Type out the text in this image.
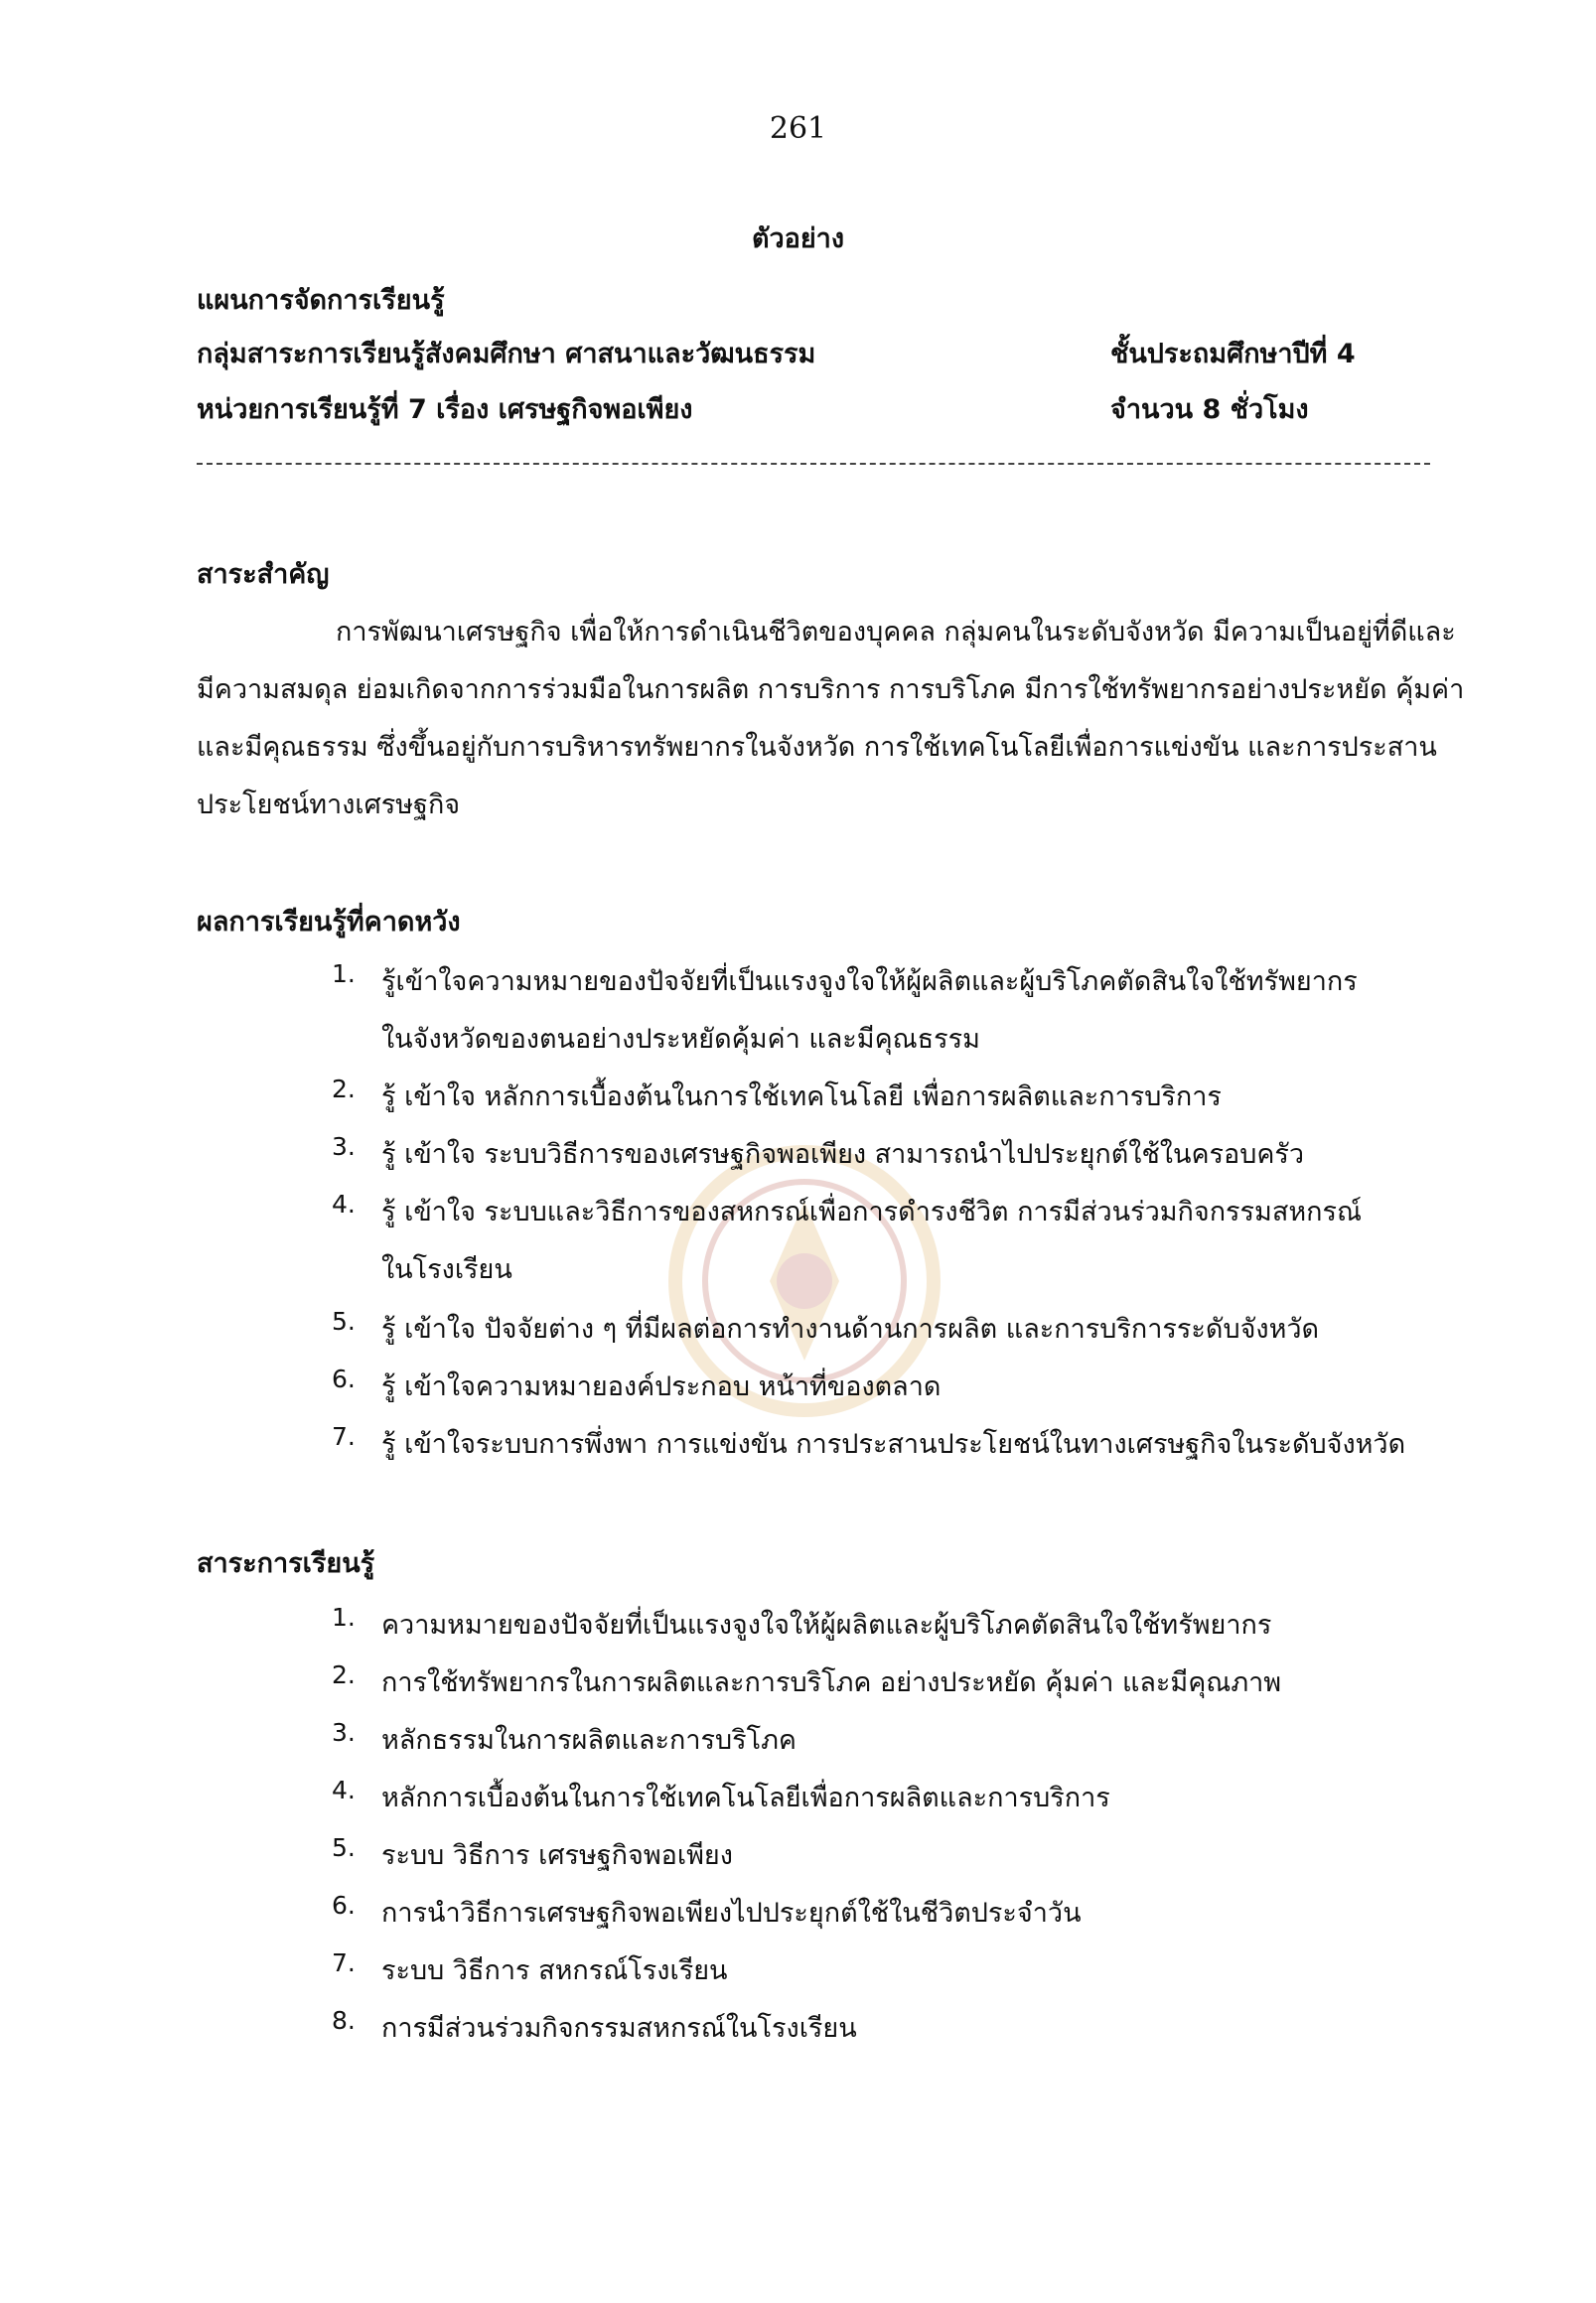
261
ตัวอย่าง
แผนการจัดการเรียนรู้
กลุ่มสาระการเรียนรู้สังคมศึกษา ศาสนาและวัฒนธรรม	ชั้นประถมศึกษาปีที่ 4
หน่วยการเรียนรู้ที่ 7 เรื่อง เศรษฐกิจพอเพียง	จำนวน 8 ชั่วโมง
สาระสำคัญ
การพัฒนาเศรษฐกิจ เพื่อให้การดำเนินชีวิตของบุคคล กลุ่มคนในระดับจังหวัด มีความเป็นอยู่ที่ดีและ
มีความสมดุล ย่อมเกิดจากการร่วมมือในการผลิต การบริการ การบริโภค มีการใช้ทรัพยากรอย่างประหยัด คุ้มค่า
และมีคุณธรรม ซึ่งขึ้นอยู่กับการบริหารทรัพยากรในจังหวัด การใช้เทคโนโลยีเพื่อการแข่งขัน และการประสาน
ประโยชน์ทางเศรษฐกิจ
ผลการเรียนรู้ที่คาดหวัง
1. รู้เข้าใจความหมายของปัจจัยที่เป็นแรงจูงใจให้ผู้ผลิตและผู้บริโภคตัดสินใจใช้ทรัพยากร
ในจังหวัดของตนอย่างประหยัดคุ้มค่า และมีคุณธรรม
2. รู้ เข้าใจ หลักการเบื้องต้นในการใช้เทคโนโลยี เพื่อการผลิตและการบริการ
3. รู้ เข้าใจ ระบบวิธีการของเศรษฐกิจพอเพียง สามารถนำไปประยุกต์ใช้ในครอบครัว
4. รู้ เข้าใจ ระบบและวิธีการของสหกรณ์เพื่อการดำรงชีวิต การมีส่วนร่วมกิจกรรมสหกรณ์
ในโรงเรียน
5. รู้ เข้าใจ ปัจจัยต่าง ๆ ที่มีผลต่อการทำงานด้านการผลิต และการบริการระดับจังหวัด
6. รู้ เข้าใจความหมายองค์ประกอบ หน้าที่ของตลาด
7. รู้ เข้าใจระบบการพึ่งพา การแข่งขัน การประสานประโยชน์ในทางเศรษฐกิจในระดับจังหวัด
สาระการเรียนรู้
1. ความหมายของปัจจัยที่เป็นแรงจูงใจให้ผู้ผลิตและผู้บริโภคตัดสินใจใช้ทรัพยากร
2. การใช้ทรัพยากรในการผลิตและการบริโภค อย่างประหยัด คุ้มค่า และมีคุณภาพ
3. หลักธรรมในการผลิตและการบริโภค
4. หลักการเบื้องต้นในการใช้เทคโนโลยีเพื่อการผลิตและการบริการ
5. ระบบ วิธีการ เศรษฐกิจพอเพียง
6. การนำวิธีการเศรษฐกิจพอเพียงไปประยุกต์ใช้ในชีวิตประจำวัน
7. ระบบ วิธีการ สหกรณ์โรงเรียน
8. การมีส่วนร่วมกิจกรรมสหกรณ์ในโรงเรียน
